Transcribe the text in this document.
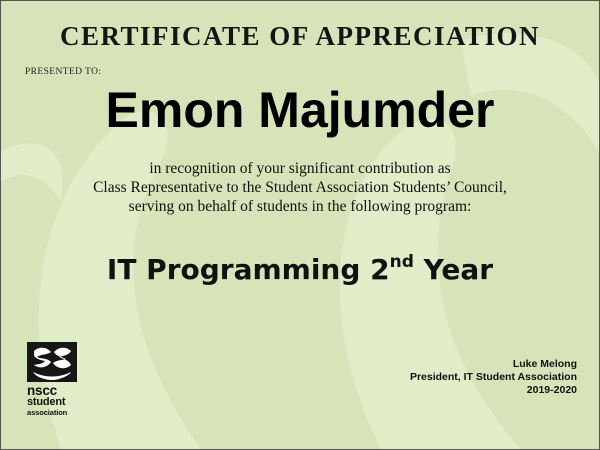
CERTIFICATE OF APPRECIATION
PRESENTED TO:
Emon Majumder
in recognition of your significant contribution as
Class Representative to the Student Association Students’ Council,
serving on behalf of students in the following program:
IT Programming 2nd Year
nscc
student
association
Luke Melong
President, IT Student Association
2019-2020
